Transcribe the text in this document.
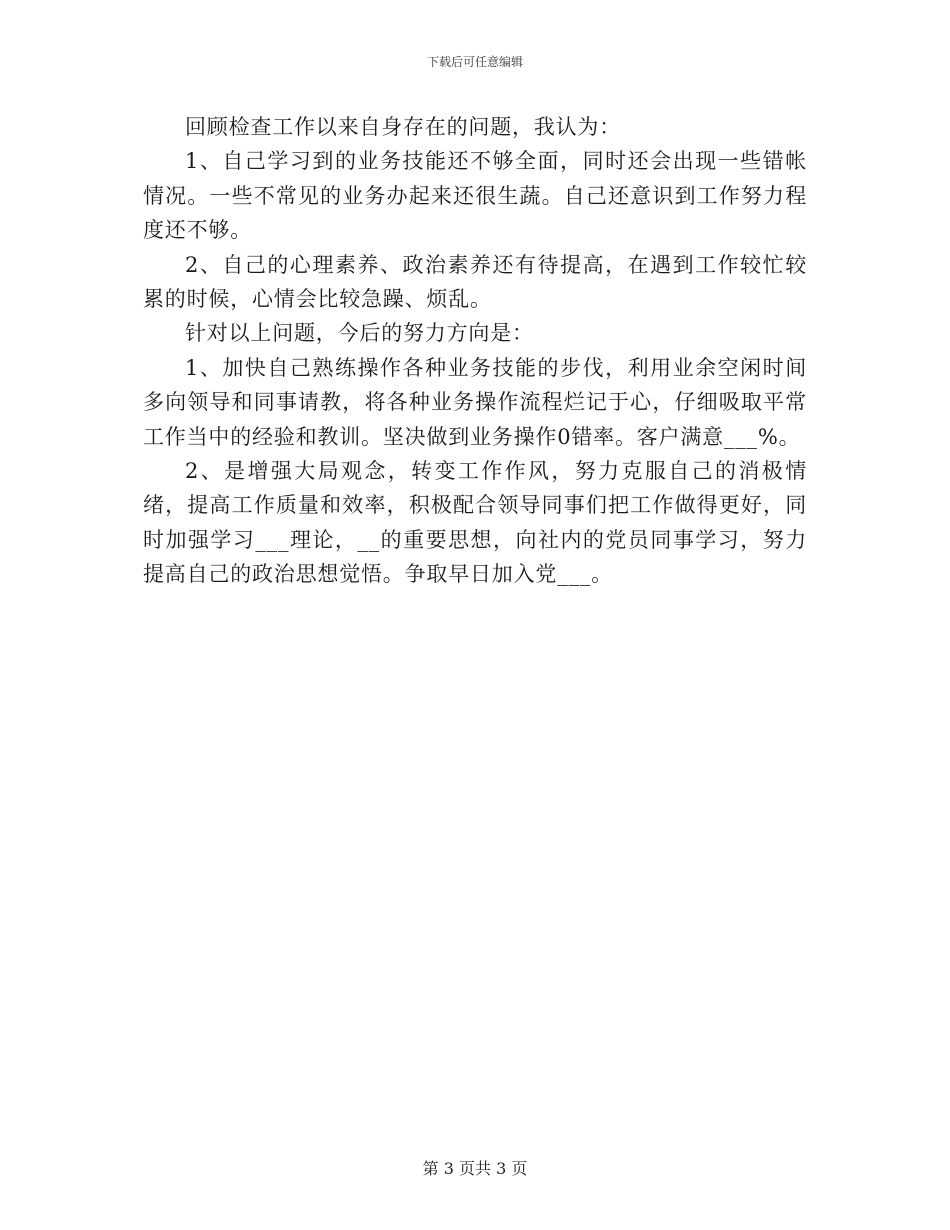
下载后可任意编辑

回顾检查工作以来自身存在的问题，我认为：

1、自己学习到的业务技能还不够全面，同时还会出现一些错帐情况。一些不常见的业务办起来还很生蔬。自己还意识到工作努力程度还不够。

2、自己的心理素养、政治素养还有待提高，在遇到工作较忙较累的时候，心情会比较急躁、烦乱。

针对以上问题，今后的努力方向是：

1、加快自己熟练操作各种业务技能的步伐，利用业余空闲时间多向领导和同事请教，将各种业务操作流程烂记于心，仔细吸取平常工作当中的经验和教训。坚决做到业务操作0错率。客户满意___%。

2、是增强大局观念，转变工作作风，努力克服自己的消极情绪，提高工作质量和效率，积极配合领导同事们把工作做得更好，同时加强学习___理论，__的重要思想，向社内的党员同事学习，努力提高自己的政治思想觉悟。争取早日加入党___。

第 3 页共 3 页
